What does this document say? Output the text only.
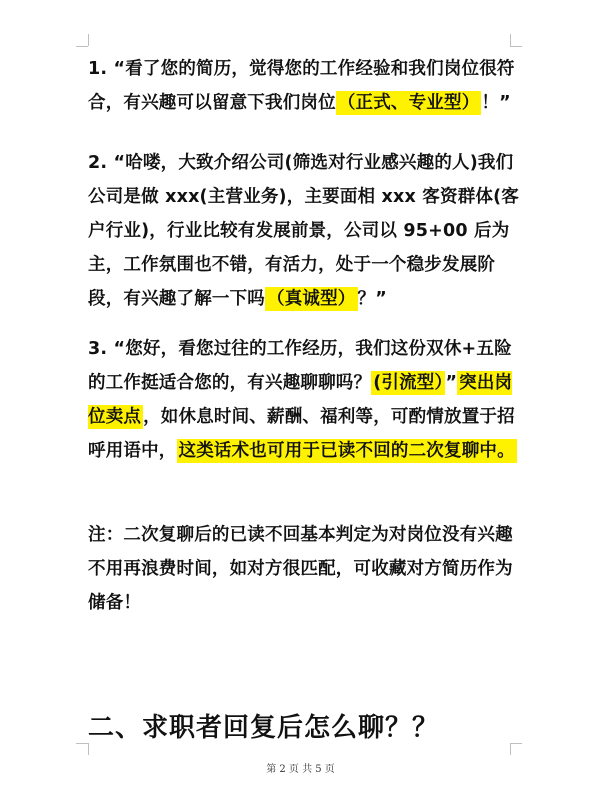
1. “看了您的简历，觉得您的工作经验和我们岗位很符合，有兴趣可以留意下我们岗位 （正式、专业型） ！”
2. “哈喽，大致介绍公司(筛选对行业感兴趣的人)我们公司是做 xxx(主营业务)，主要面相 xxx 客资群体(客户行业)，行业比较有发展前景，公司以 95+00 后为主，工作氛围也不错，有活力，处于一个稳步发展阶段，有兴趣了解一下吗 （真诚型） ？”
3. “您好，看您过往的工作经历，我们这份双休+五险的工作挺适合您的，有兴趣聊聊吗？ (引流型） ” 突出岗位卖点 ，如休息时间、薪酬、福利等，可酌情放置于招呼用语中， 这类话术也可用于已读不回的二次复聊中。
注：二次复聊后的已读不回基本判定为对岗位没有兴趣不用再浪费时间，如对方很匹配，可收藏对方简历作为储备！
二、求职者回复后怎么聊？？
第 2 页 共 5 页
